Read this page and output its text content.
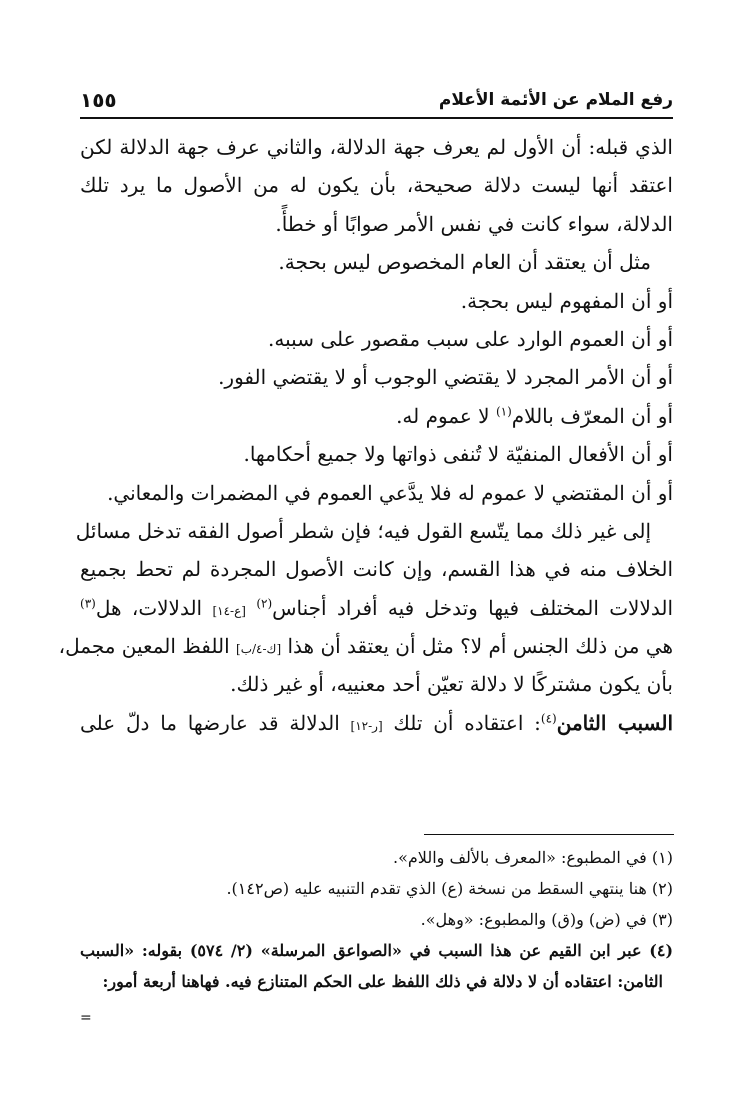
رفع الملام عن الأئمة الأعلام
١٥٥
الذي قبله: أن الأول لم يعرف جهة الدلالة، والثاني عرف جهة الدلالة لكن
اعتقد أنها ليست دلالة صحيحة، بأن يكون له من الأصول ما يرد تلك
الدلالة، سواء كانت في نفس الأمر صوابًا أو خطأً.
مثل أن يعتقد أن العام المخصوص ليس بحجة.
أو أن المفهوم ليس بحجة.
أو أن العموم الوارد على سبب مقصور على سببه.
أو أن الأمر المجرد لا يقتضي الوجوب أو لا يقتضي الفور.
أو أن المعرّف باللام$^{(١)}$ لا عموم له.
أو أن الأفعال المنفيّة لا تُنفى ذواتها ولا جميع أحكامها.
أو أن المقتضي لا عموم له فلا يدَّعي العموم في المضمرات والمعاني.
إلى غير ذلك مما يتّسع القول فيه؛ فإن شطر أصول الفقه تدخل مسائل
الخلاف منه في هذا القسم، وإن كانت الأصول المجردة لم تحط بجميع
الدلالات المختلف فيها وتدخل فيه أفراد أجناس$^{(٢)}$ [ع-١٤] الدلالات، هل$^{(٣)}$
هي من ذلك الجنس أم لا؟ مثل أن يعتقد أن هذا [ك-٤/ب] اللفظ المعين مجمل،
بأن يكون مشتركًا لا دلالة تعيّن أحد معنييه، أو غير ذلك.
السبب الثامن$^{(٤)}$: اعتقاده أن تلك [ر-١٢] الدلالة قد عارضها ما دلّ على
(١) في المطبوع: «المعرف بالألف واللام».
(٢) هنا ينتهي السقط من نسخة (ع) الذي تقدم التنبيه عليه (ص١٤٢).
(٣) في (ض) و(ق) والمطبوع: «وهل».
(٤) عبر ابن القيم عن هذا السبب في «الصواعق المرسلة» (٢/ ٥٧٤) بقوله: «السبب
الثامن: اعتقاده أن لا دلالة في ذلك اللفظ على الحكم المتنازع فيه. فهاهنا أربعة أمور:
=
